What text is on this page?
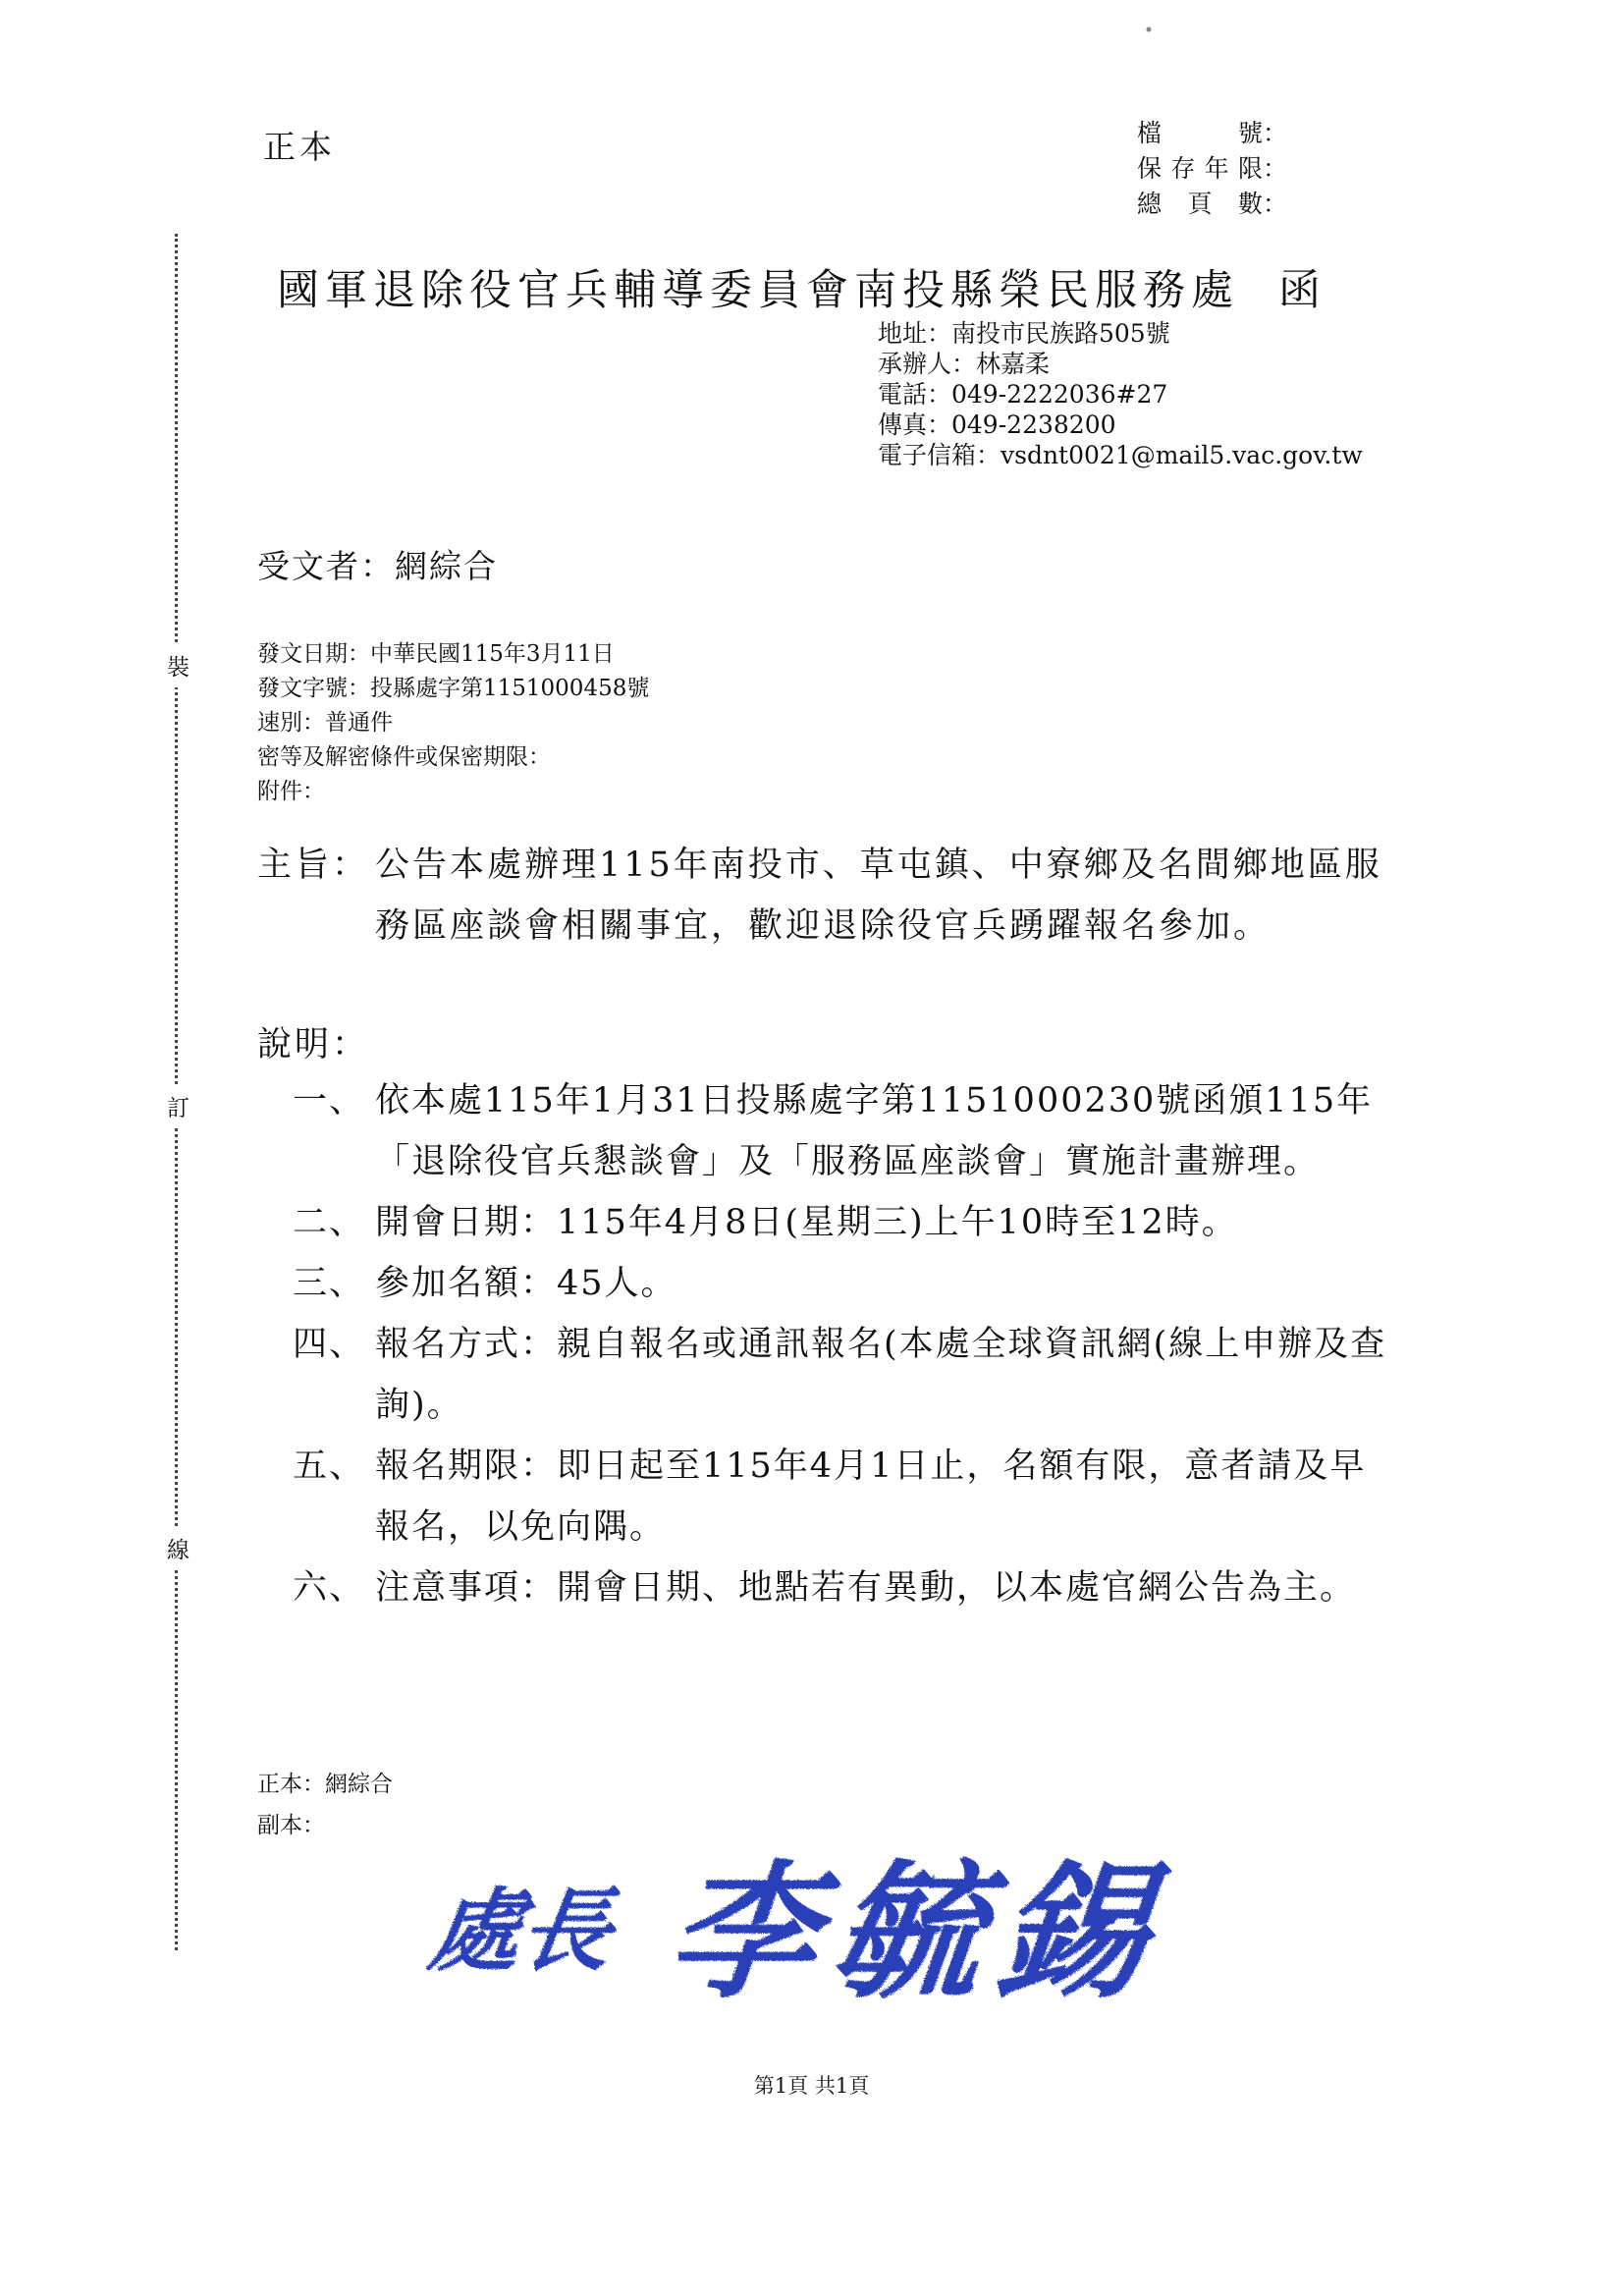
正本	檔　號 ：
保存年限 ：
總 頁 數 ：
國軍退除役官兵輔導委員會南投縣榮民服務處 函
地址：南投市民族路505號
承辦人：林嘉柔
電話：049-2222036#27
傳真：049-2238200
電子信箱：vsdnt0021@mail5.vac.gov.tw
受文者：網綜合
發文日期：中華民國115年3月11日
發文字號：投縣處字第1151000458號
速別：普通件
密等及解密條件或保密期限：
附件：
主旨： 公告本處辦理115年南投市、草屯鎮、中寮鄉及名間鄉地區服務區座談會相關事宜，歡迎退除役官兵踴躍報名參加。
說明：
一、 依本處115年1月31日投縣處字第1151000230號函頒115年「退除役官兵懇談會」及「服務區座談會」實施計畫辦理。
二、 開會日期：115年4月8日(星期三)上午10時至12時。
三、 參加名額：45人。
四、 報名方式：親自報名或通訊報名(本處全球資訊網(線上申辦及查詢)。
五、 報名期限：即日起至115年4月1日止，名額有限，意者請及早報名，以免向隅。
六、 注意事項：開會日期、地點若有異動，以本處官網公告為主。
正本：網綜合
副本：
裝
訂
線
處長 李毓錫
第1頁 共1頁
